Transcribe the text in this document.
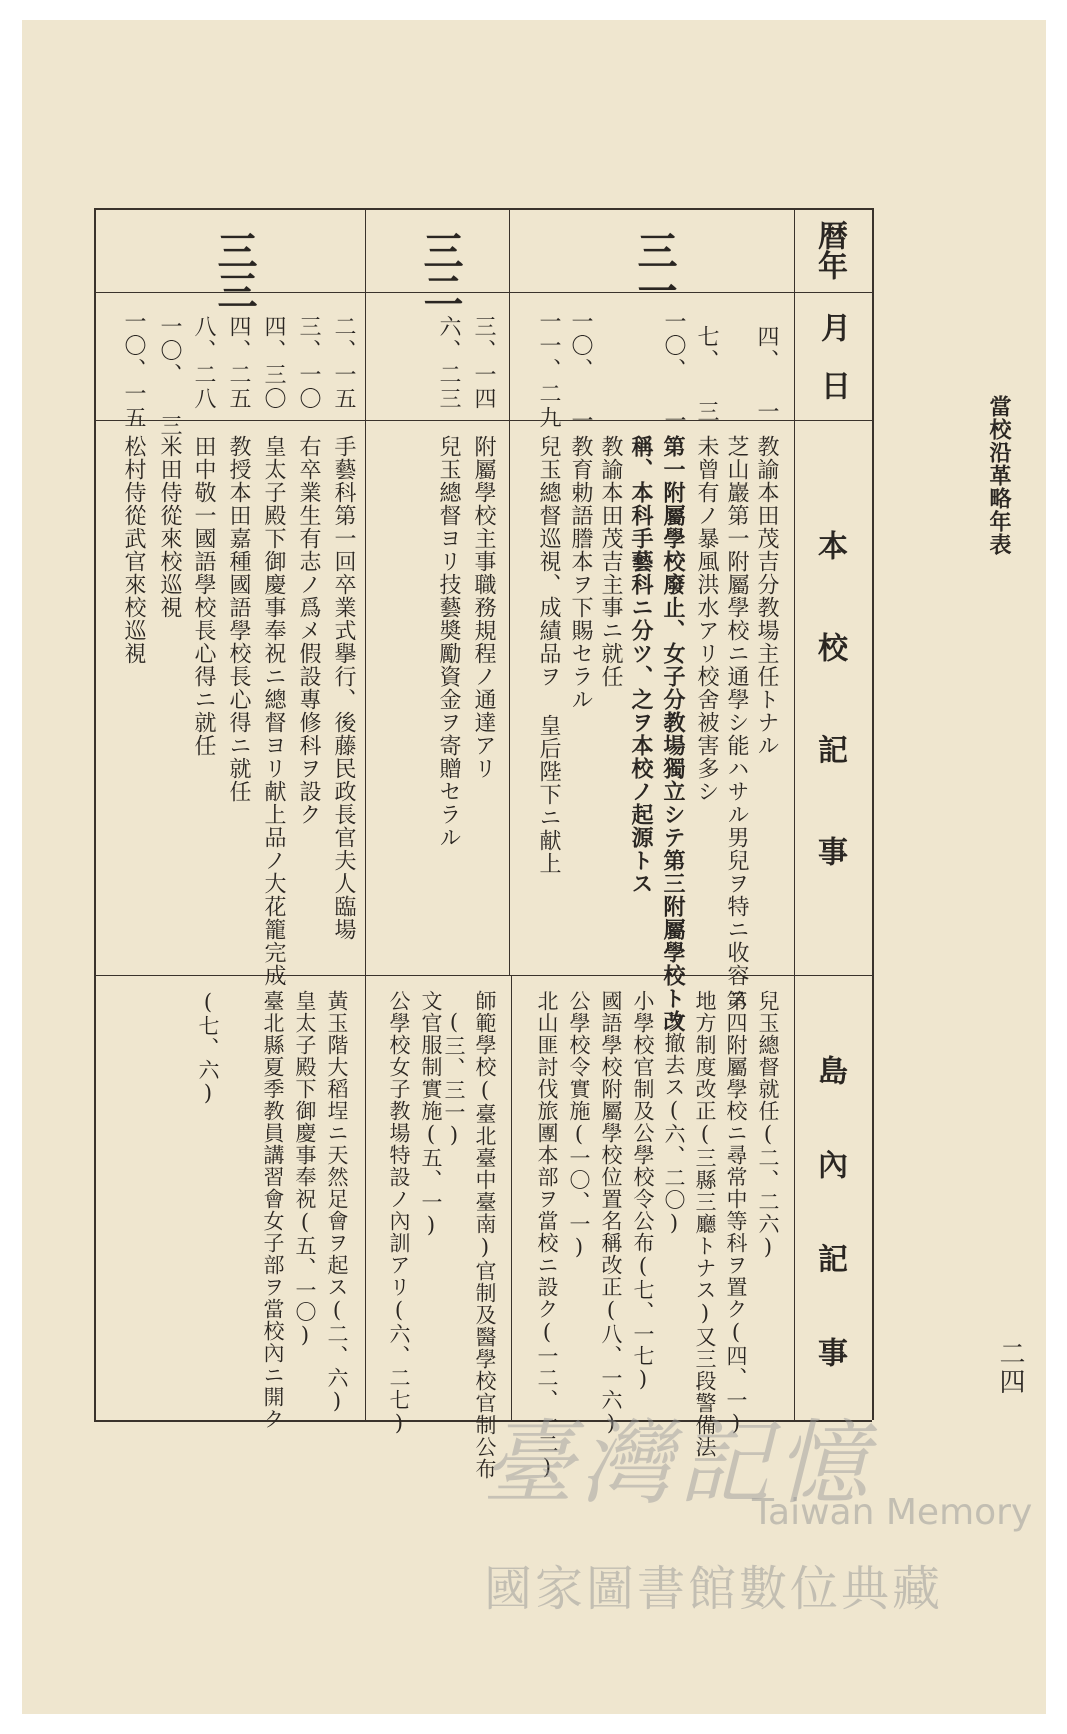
當校沿革略年表
二四
暦年
月
日
本校記事
島內記事
三一
三二
三三
四、 一
教諭本田茂吉分教場主任トナル
芝山巖第一附屬學校ニ通學シ能ハサル男兒ヲ特ニ收容ス
七、 三
未曾有ノ暴風洪水アリ校舍被害多シ
一〇、 一
第一附屬學校廢止、女子分教場獨立シテ第三附屬學校ト改
稱、本科手藝科ニ分ツ、之ヲ本校ノ起源トス
教諭本田茂吉主事ニ就任
一〇、 一
教育勅語謄本ヲ下賜セラル
一一、二九
兒玉總督巡視、成績品ヲ 皇后陛下ニ献上
三、一四
附屬學校主事職務規程ノ通達アリ
六、二三
兒玉總督ヨリ技藝奬勵資金ヲ寄贈セラル
二、一五
手藝科第一回卒業式擧行、後藤民政長官夫人臨場
三、一〇
右卒業生有志ノ爲メ假設專修科ヲ設ク
四、三〇
皇太子殿下御慶事奉祝ニ總督ヨリ献上品ノ大花籠完成
四、二五
教授本田嘉種國語學校長心得ニ就任
八、二八
田中敬一國語學校長心得ニ就任
一〇、 三
米田侍從來校巡視
一〇、一五
松村侍從武官來校巡視
兒玉總督就任(二、二六)
第四附屬學校ニ尋常中等科ヲ置ク(四、一)
地方制度改正(三縣三廳トナス)又三段警備法
ヲ撤去ス(六、二〇)
小學校官制及公學校令公布(七、一七)
國語學校附屬學校位置名稱改正(八、一六)
公學校令實施(一〇、一)
北山匪討伐旅團本部ヲ當校ニ設ク(一二、一二)
師範學校(臺北臺中臺南)官制及醫學校官制公布
(三、三一)
文官服制實施(五、一)
公學校女子教場特設ノ內訓アリ(六、二七)
黃玉階大稻埕ニ天然足會ヲ起ス(二、六)
皇太子殿下御慶事奉祝(五、一〇)
臺北縣夏季教員講習會女子部ヲ當校內ニ開ク
(七、六)
臺灣記憶
Taiwan Memory
國家圖書館數位典藏
